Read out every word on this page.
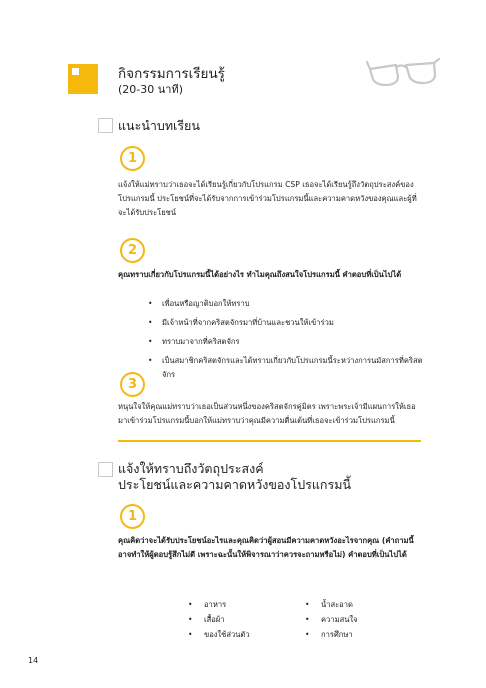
กิจกรรมการเรียนรู้
(20-30 นาที)
แนะนำบทเรียน
1
แจ้งให้แม่ทราบว่าเธอจะได้เรียนรู้เกี่ยวกับโปรแกรม CSP เธอจะได้เรียนรู้ถึงวัตถุประสงค์ของโปรแกรมนี้ ประโยชน์ที่จะได้รับจากการเข้าร่วมโปรแกรมนี้และความคาดหวังของคุณและผู้ที่จะได้รับประโยชน์
2
คุณทราบเกี่ยวกับโปรแกรมนี้ได้อย่างไร ทำไมคุณถึงสนใจโปรแกรมนี้ คำตอบที่เป็นไปได้
• เพื่อนหรือญาติบอกให้ทราบ
• มีเจ้าหน้าที่จากคริสตจักรมาที่บ้านและชวนให้เข้าร่วม
• ทราบมาจากที่คริสตจักร
• เป็นสมาชิกคริสตจักรและได้ทราบเกี่ยวกับโปรแกรมนี้ระหว่างการนมัสการที่คริสตจักร
3
หนุนใจให้คุณแม่ทราบว่าเธอเป็นส่วนหนึ่งของคริสตจักรคู่มิตร เพราะพระเจ้ามีแผนการให้เธอมาเข้าร่วมโปรแกรมนี้บอกให้แม่ทราบว่าคุณมีความตื่นเต้นที่เธอจะเข้าร่วมโปรแกรมนี้
แจ้งให้ทราบถึงวัตถุประสงค์
ประโยชน์และความคาดหวังของโปรแกรมนี้
1
คุณคิดว่าจะได้รับประโยชน์อะไรและคุณคิดว่าผู้สอนมีความคาดหวังอะไรจากคุณ (คำถามนี้อาจทำให้ผู้ตอบรู้สึกไม่ดี เพราะฉะนั้นให้พิจารณาว่าควรจะถามหรือไม่) คำตอบที่เป็นไปได้
• อาหาร
• เสื้อผ้า
• ของใช้ส่วนตัว
• น้ำสะอาด
• ความสนใจ
• การศึกษา
14
